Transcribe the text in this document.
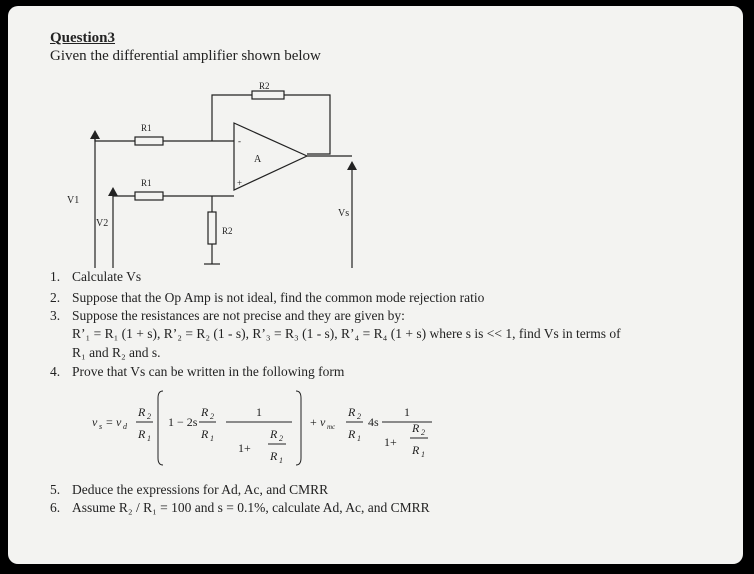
Question3
Given the differential amplifier shown below
R2
R1
R1
R2
A
-
+
V1
V2
Vs
1. Calculate Vs
2. Suppose that the Op Amp is not ideal, find the common mode rejection ratio
3. Suppose the resistances are not precise and they are given by:
R’₁ = R₁ (1 + s), R’₂ = R₂ (1 - s), R’₃ = R₃ (1 - s), R’₄ = R₄ (1 + s) where s is << 1, find Vs in terms of
R₁ and R₂ and s.
4. Prove that Vs can be written in the following form
v s = v d
R 2
R 1
1 − 2s
R 2
R 1
1
1+
R 2
R 1
+ v mc
R 2
R 1
4s
1
1+
R 2
R 1
5. Deduce the expressions for Ad, Ac, and CMRR
6. Assume R₂ / R₁ = 100 and s = 0.1%, calculate Ad, Ac, and CMRR
